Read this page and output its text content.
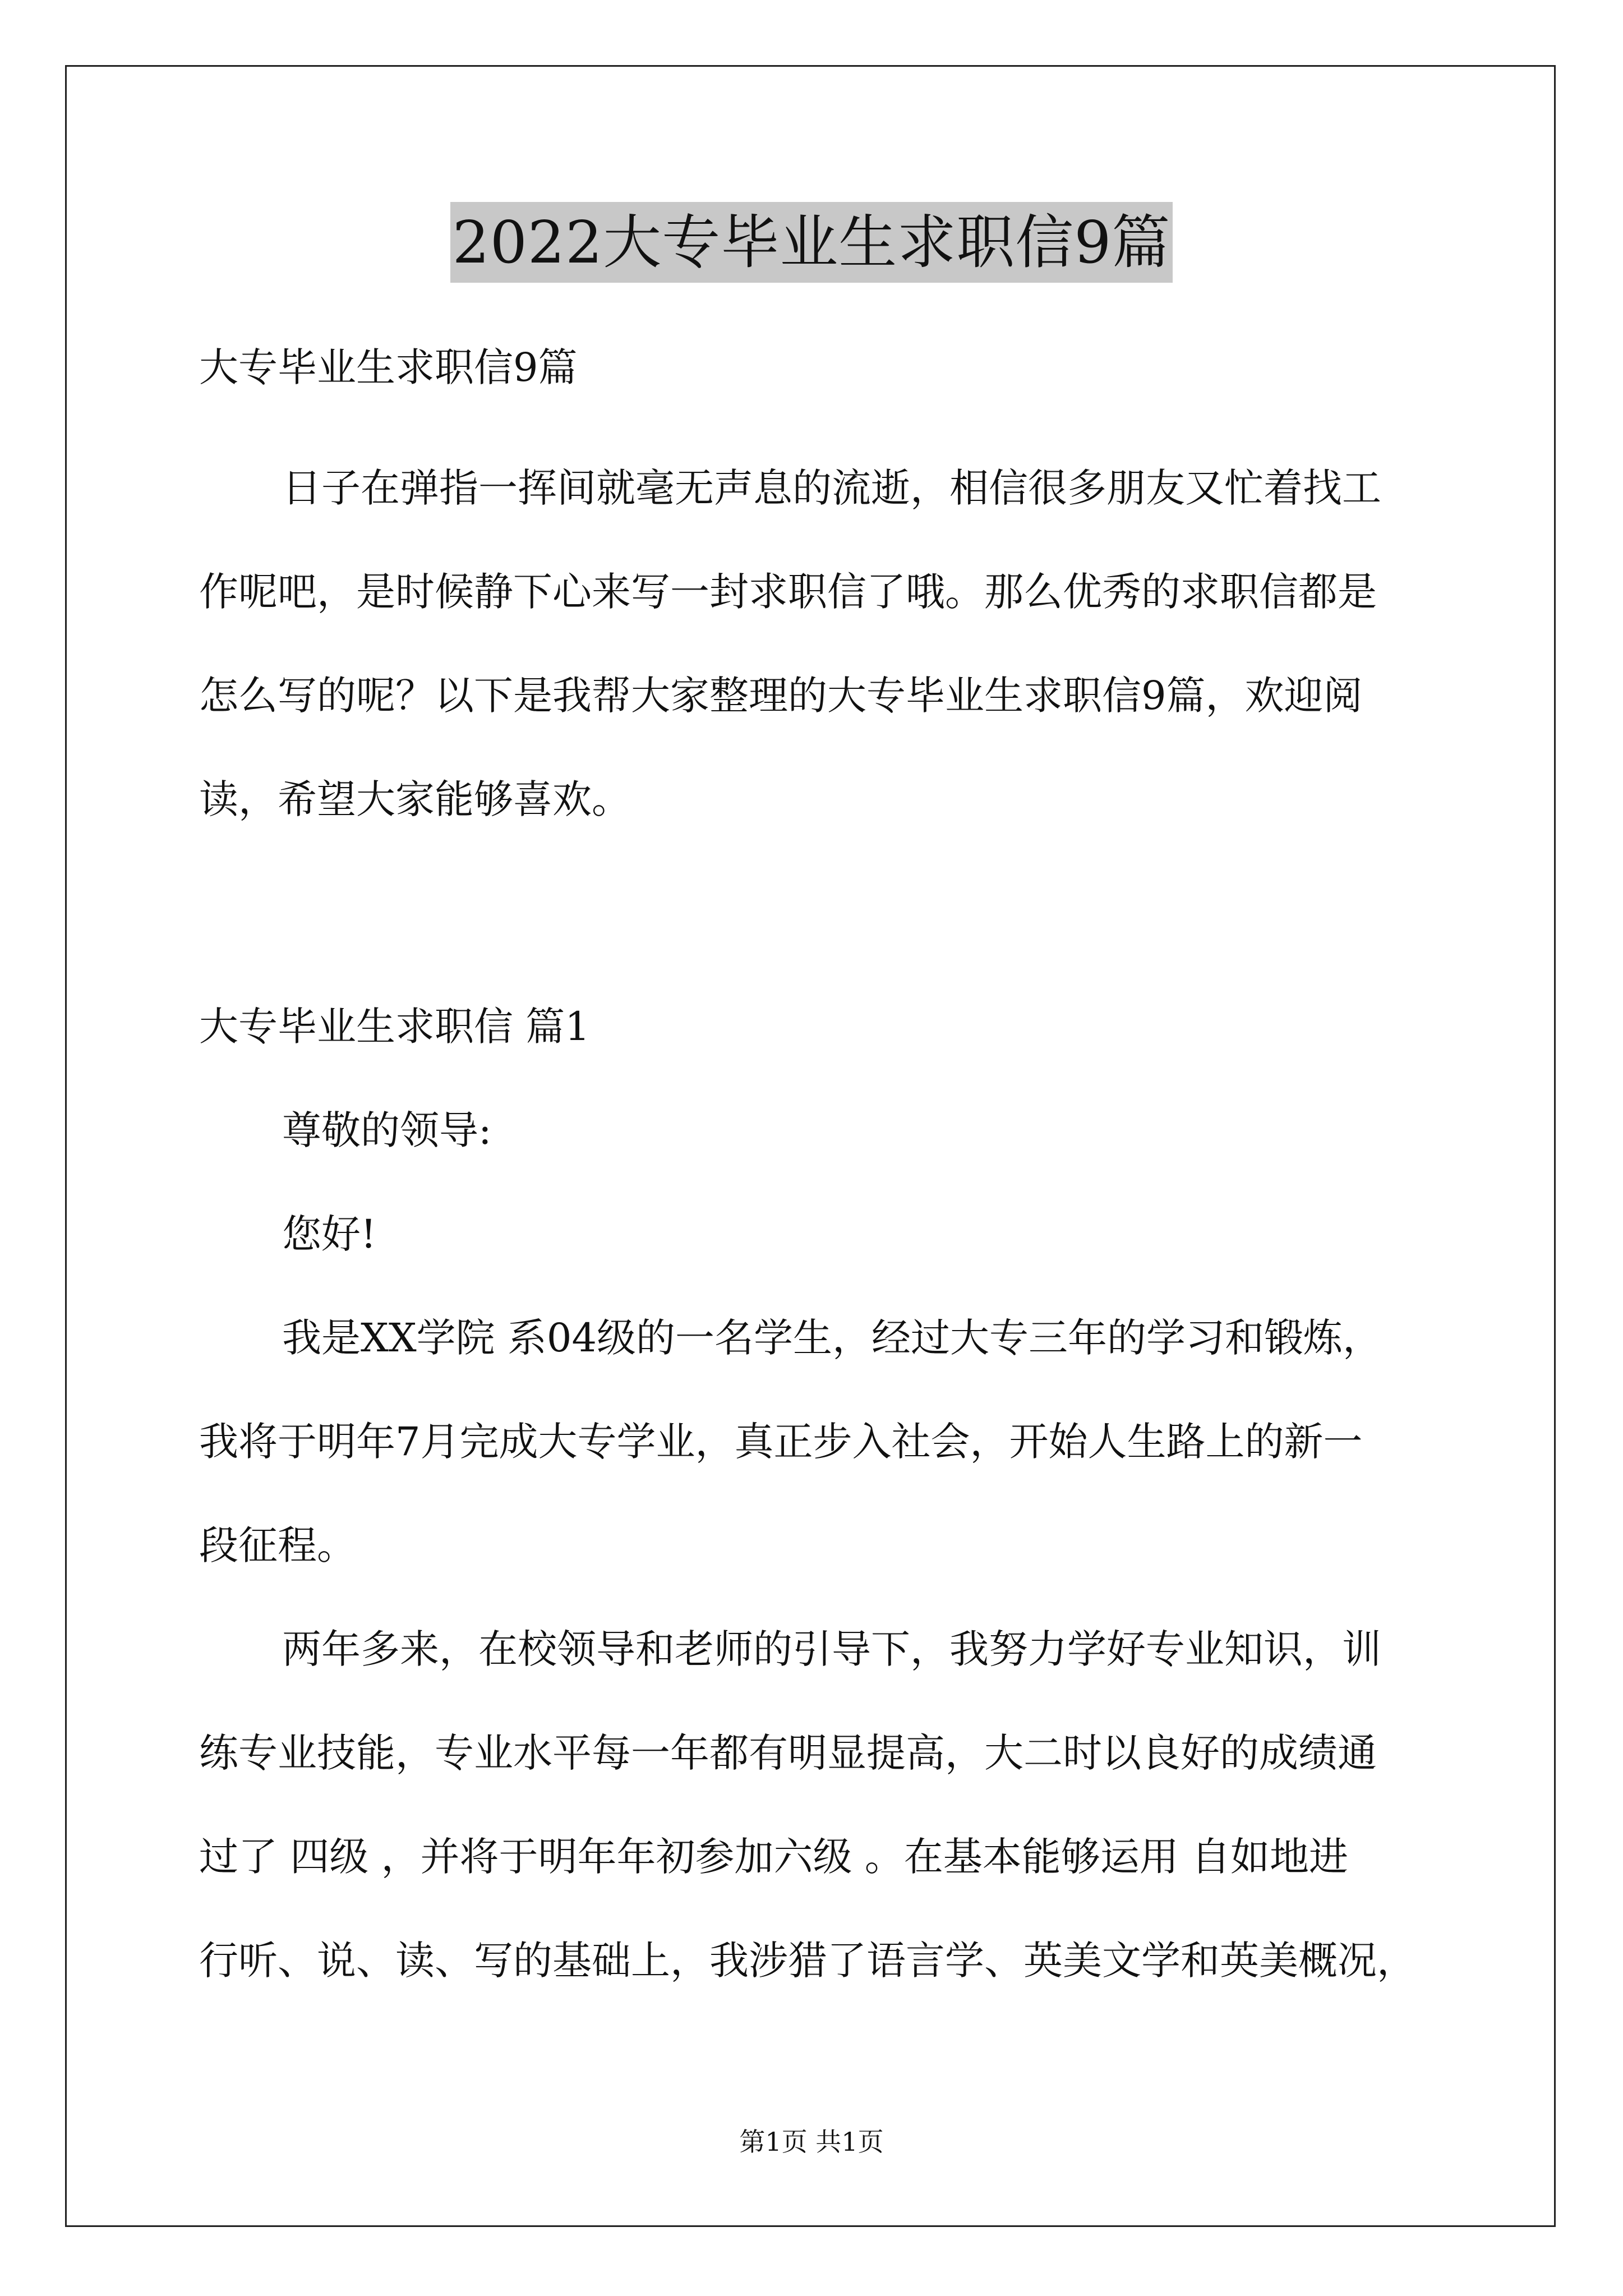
2022大专毕业生求职信9篇
大专毕业生求职信9篇
日子在弹指一挥间就毫无声息的流逝，相信很多朋友又忙着找工
作呢吧，是时候静下心来写一封求职信了哦。那么优秀的求职信都是
怎么写的呢？以下是我帮大家整理的大专毕业生求职信9篇，欢迎阅
读，希望大家能够喜欢。
大专毕业生求职信 篇1
尊敬的领导:
您好!
我是XX学院 系04级的一名学生，经过大专三年的学习和锻炼，
我将于明年7月完成大专学业，真正步入社会，开始人生路上的新一
段征程。
两年多来，在校领导和老师的引导下，我努力学好专业知识，训
练专业技能，专业水平每一年都有明显提高，大二时以良好的成绩通
过了 四级 ，并将于明年年初参加六级 。在基本能够运用 自如地进
行听、说、读、写的基础上，我涉猎了语言学、英美文学和英美概况，
第1页 共1页
